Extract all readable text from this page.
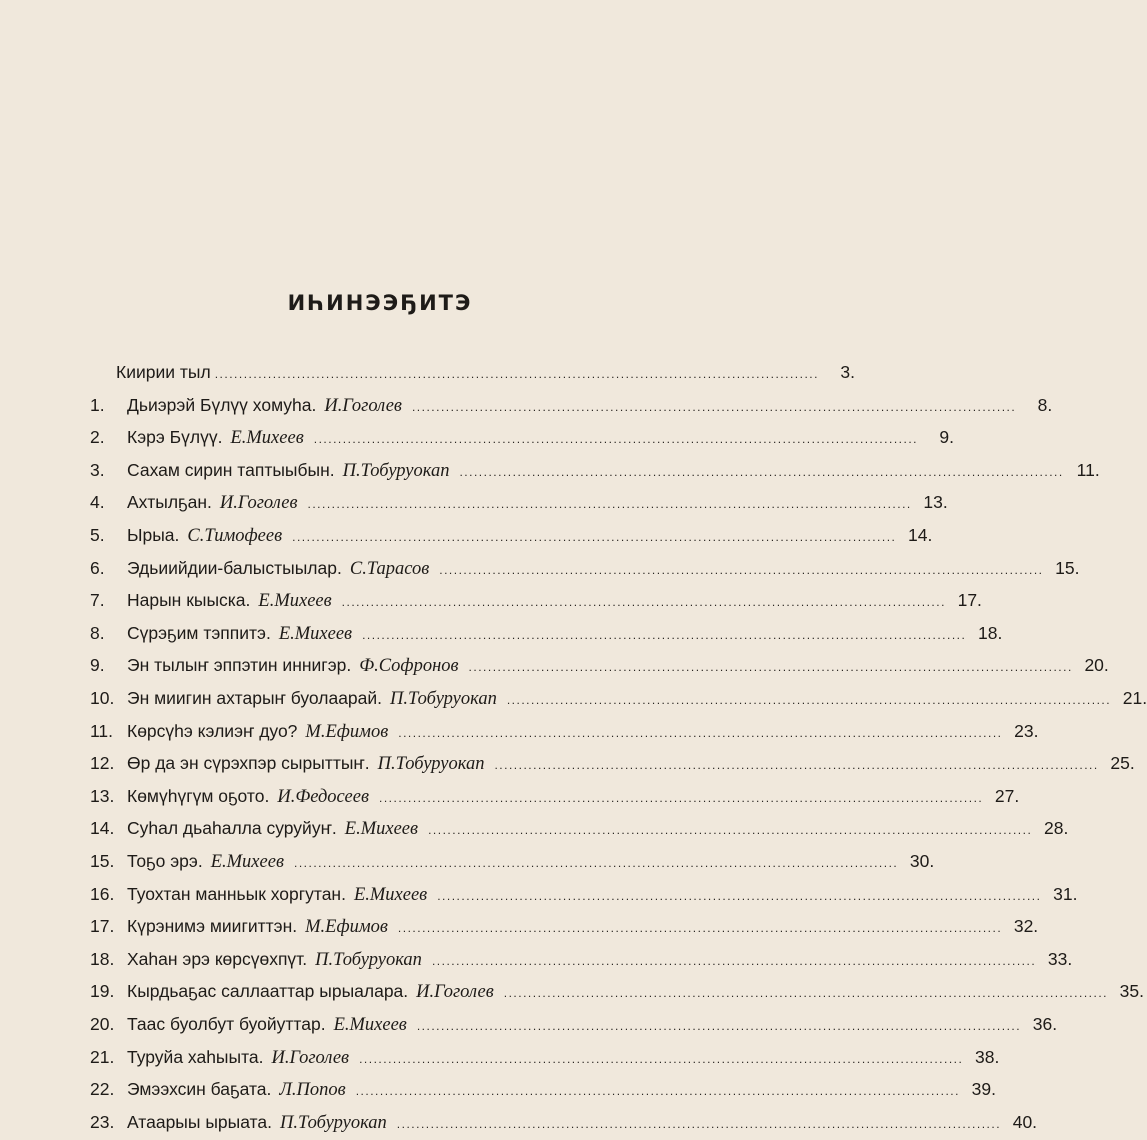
ИҺИНЭЭҔИТЭ
Киирии тыл .............................................................................................................................	3.
1.	Дьиэрэй Бүлүү хомуһа. И.Гоголев .............................................................................................................................	8.
2.	Кэрэ Бүлүү. Е.Михеев .............................................................................................................................	9.
3.	Сахам сирин таптыыбын. П.Тобуруокап ............................................................................................................................. 11.
4.	Ахтылҕан. И.Гоголев ............................................................................................................................. 13.
5.	Ырыа. С.Тимофеев ............................................................................................................................. 14.
6.	Эдьиийдии-балыстыылар. С.Тарасов ............................................................................................................................. 15.
7.	Нарын кыыска. Е.Михеев ............................................................................................................................. 17.
8.	Сүрэҕим тэппитэ. Е.Михеев ............................................................................................................................. 18.
9.	Эн тылыҥ эппэтин иннигэр. Ф.Софронов ............................................................................................................................. 20.
10. Эн миигин ахтарыҥ буолаарай. П.Тобуруокап ............................................................................................................................. 21.
11. Көрсүһэ кэлиэҥ дуо? М.Ефимов ............................................................................................................................. 23.
12. Өр да эн сүрэхпэр сырыттыҥ. П.Тобуруокап ............................................................................................................................. 25.
13. Көмүһүгүм оҕото. И.Федосеев ............................................................................................................................. 27.
14. Суһал дьаһалла суруйуҥ. Е.Михеев ............................................................................................................................. 28.
15. Тоҕо эрэ. Е.Михеев ............................................................................................................................. 30.
16. Туохтан манньык хоргутан. Е.Михеев ............................................................................................................................. 31.
17. Күрэнимэ миигиттэн. М.Ефимов ............................................................................................................................. 32.
18. Хаһан эрэ көрсүөхпүт. П.Тобуруокап ............................................................................................................................. 33.
19. Кырдьаҕас саллааттар ырыалара. И.Гоголев ............................................................................................................................. 35.
20. Таас буолбут буойуттар. Е.Михеев ............................................................................................................................. 36.
21. Туруйа хаһыыта. И.Гоголев ............................................................................................................................. 38.
22. Эмээхсин баҕата. Л.Попов ............................................................................................................................. 39.
23. Атаарыы ырыата. П.Тобуруокап ............................................................................................................................. 40.
